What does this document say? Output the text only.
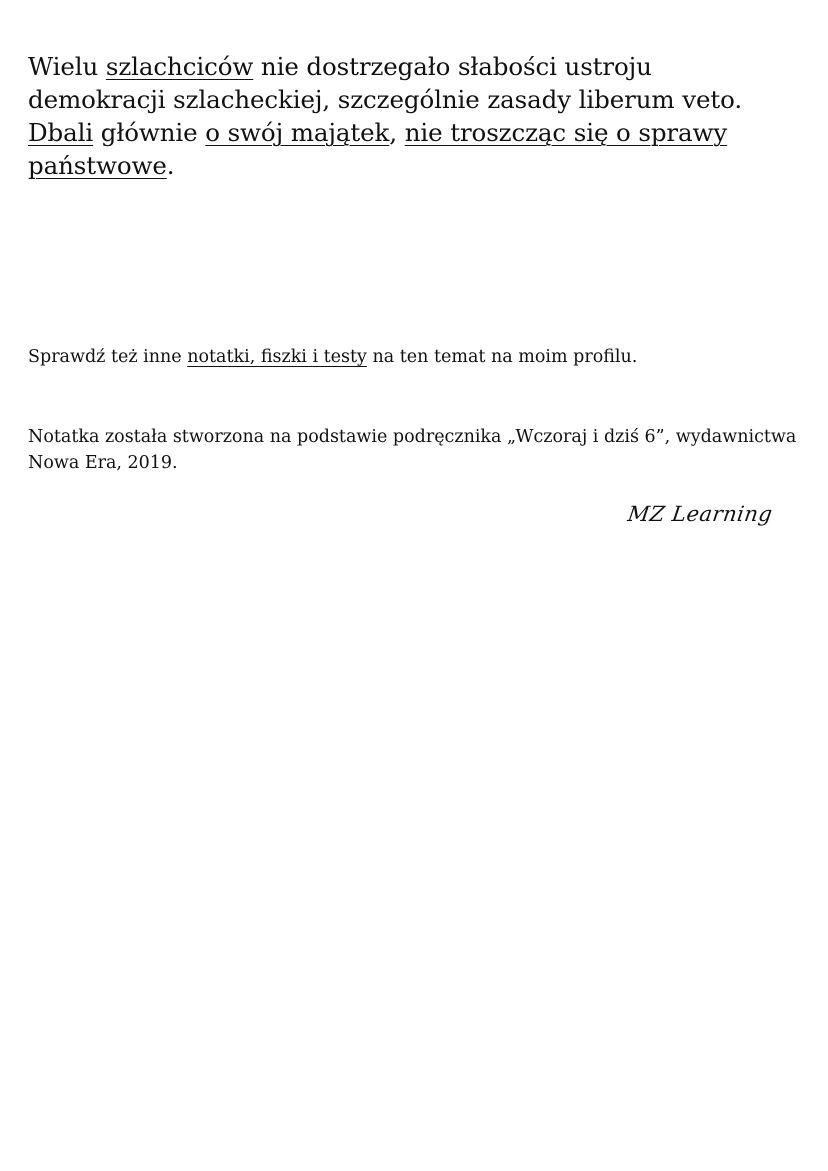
Wielu szlachciców nie dostrzegało słabości ustroju demokracji szlacheckiej, szczególnie zasady liberum veto. Dbali głównie o swój majątek, nie troszcząc się o sprawy państwowe.

Sprawdź też inne notatki, fiszki i testy na ten temat na moim profilu.

Notatka została stworzona na podstawie podręcznika „Wczoraj i dziś 6”, wydawnictwa Nowa Era, 2019.

MZ Learning
